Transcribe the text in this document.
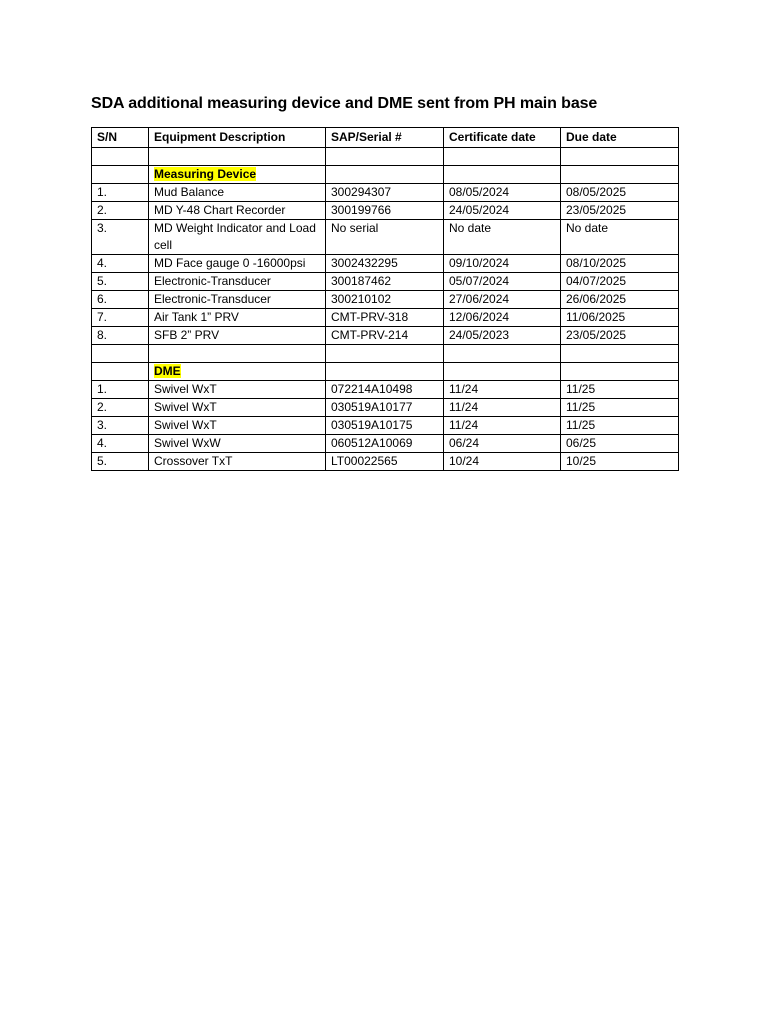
SDA additional measuring device and DME sent from PH main base
S/N	Equipment Description	SAP/Serial #	Certificate date	Due date

	Measuring Device			
1.	Mud Balance	300294307	08/05/2024	08/05/2025
2.	MD Y-48 Chart Recorder	300199766	24/05/2024	23/05/2025
3.	MD Weight Indicator and Load cell	No serial	No date	No date
4.	MD Face gauge 0 -16000psi	3002432295	09/10/2024	08/10/2025
5.	Electronic-Transducer	300187462	05/07/2024	04/07/2025
6.	Electronic-Transducer	300210102	27/06/2024	26/06/2025
7.	Air Tank 1” PRV	CMT-PRV-318	12/06/2024	11/06/2025
8.	SFB 2” PRV	CMT-PRV-214	24/05/2023	23/05/2025

	DME			
1.	Swivel WxT	072214A10498	11/24	11/25
2.	Swivel WxT	030519A10177	11/24	11/25
3.	Swivel WxT	030519A10175	11/24	11/25
4.	Swivel WxW	060512A10069	06/24	06/25
5.	Crossover TxT	LT00022565	10/24	10/25
